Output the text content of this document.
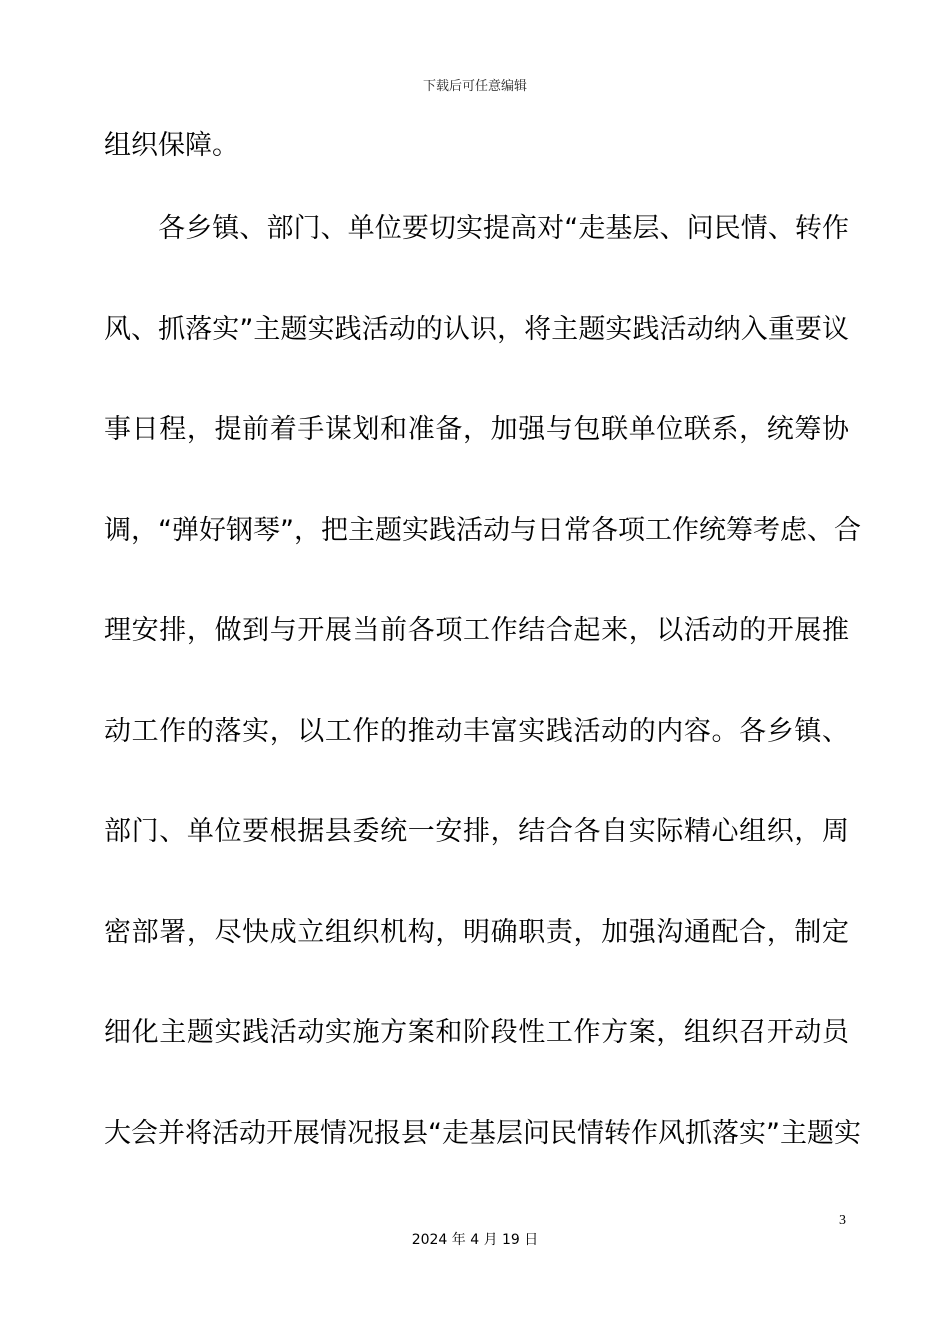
下载后可任意编辑
组织保障。
　　各乡镇、部门、单位要切实提高对“走基层、问民情、转作
风、抓落实”主题实践活动的认识，将主题实践活动纳入重要议
事日程，提前着手谋划和准备，加强与包联单位联系，统筹协
调，“弹好钢琴”，把主题实践活动与日常各项工作统筹考虑、合
理安排，做到与开展当前各项工作结合起来，以活动的开展推
动工作的落实，以工作的推动丰富实践活动的内容。各乡镇、
部门、单位要根据县委统一安排，结合各自实际精心组织，周
密部署，尽快成立组织机构，明确职责，加强沟通配合，制定
细化主题实践活动实施方案和阶段性工作方案，组织召开动员
大会并将活动开展情况报县“走基层问民情转作风抓落实”主题实
3
2024 年 4 月 19 日
